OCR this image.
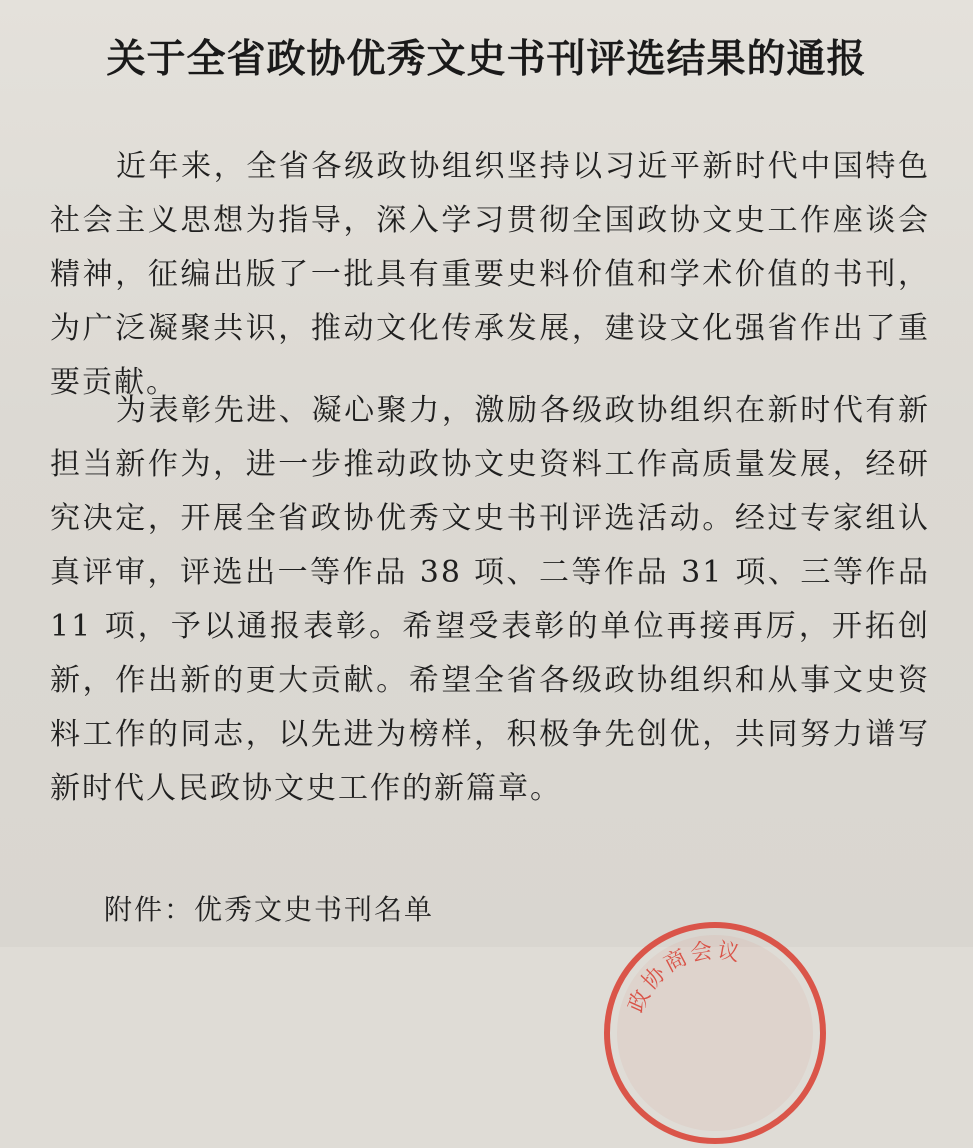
关于全省政协优秀文史书刊评选结果的通报
近年来，全省各级政协组织坚持以习近平新时代中国特色社会主义思想为指导，深入学习贯彻全国政协文史工作座谈会精神，征编出版了一批具有重要史料价值和学术价值的书刊，为广泛凝聚共识，推动文化传承发展，建设文化强省作出了重要贡献。
为表彰先进、凝心聚力，激励各级政协组织在新时代有新担当新作为，进一步推动政协文史资料工作高质量发展，经研究决定，开展全省政协优秀文史书刊评选活动。经过专家组认真评审，评选出一等作品 38 项、二等作品 31 项、三等作品 11 项，予以通报表彰。希望受表彰的单位再接再厉，开拓创新，作出新的更大贡献。希望全省各级政协组织和从事文史资料工作的同志，以先进为榜样，积极争先创优，共同努力谱写新时代人民政协文史工作的新篇章。
附件：优秀文史书刊名单
政协商会议
